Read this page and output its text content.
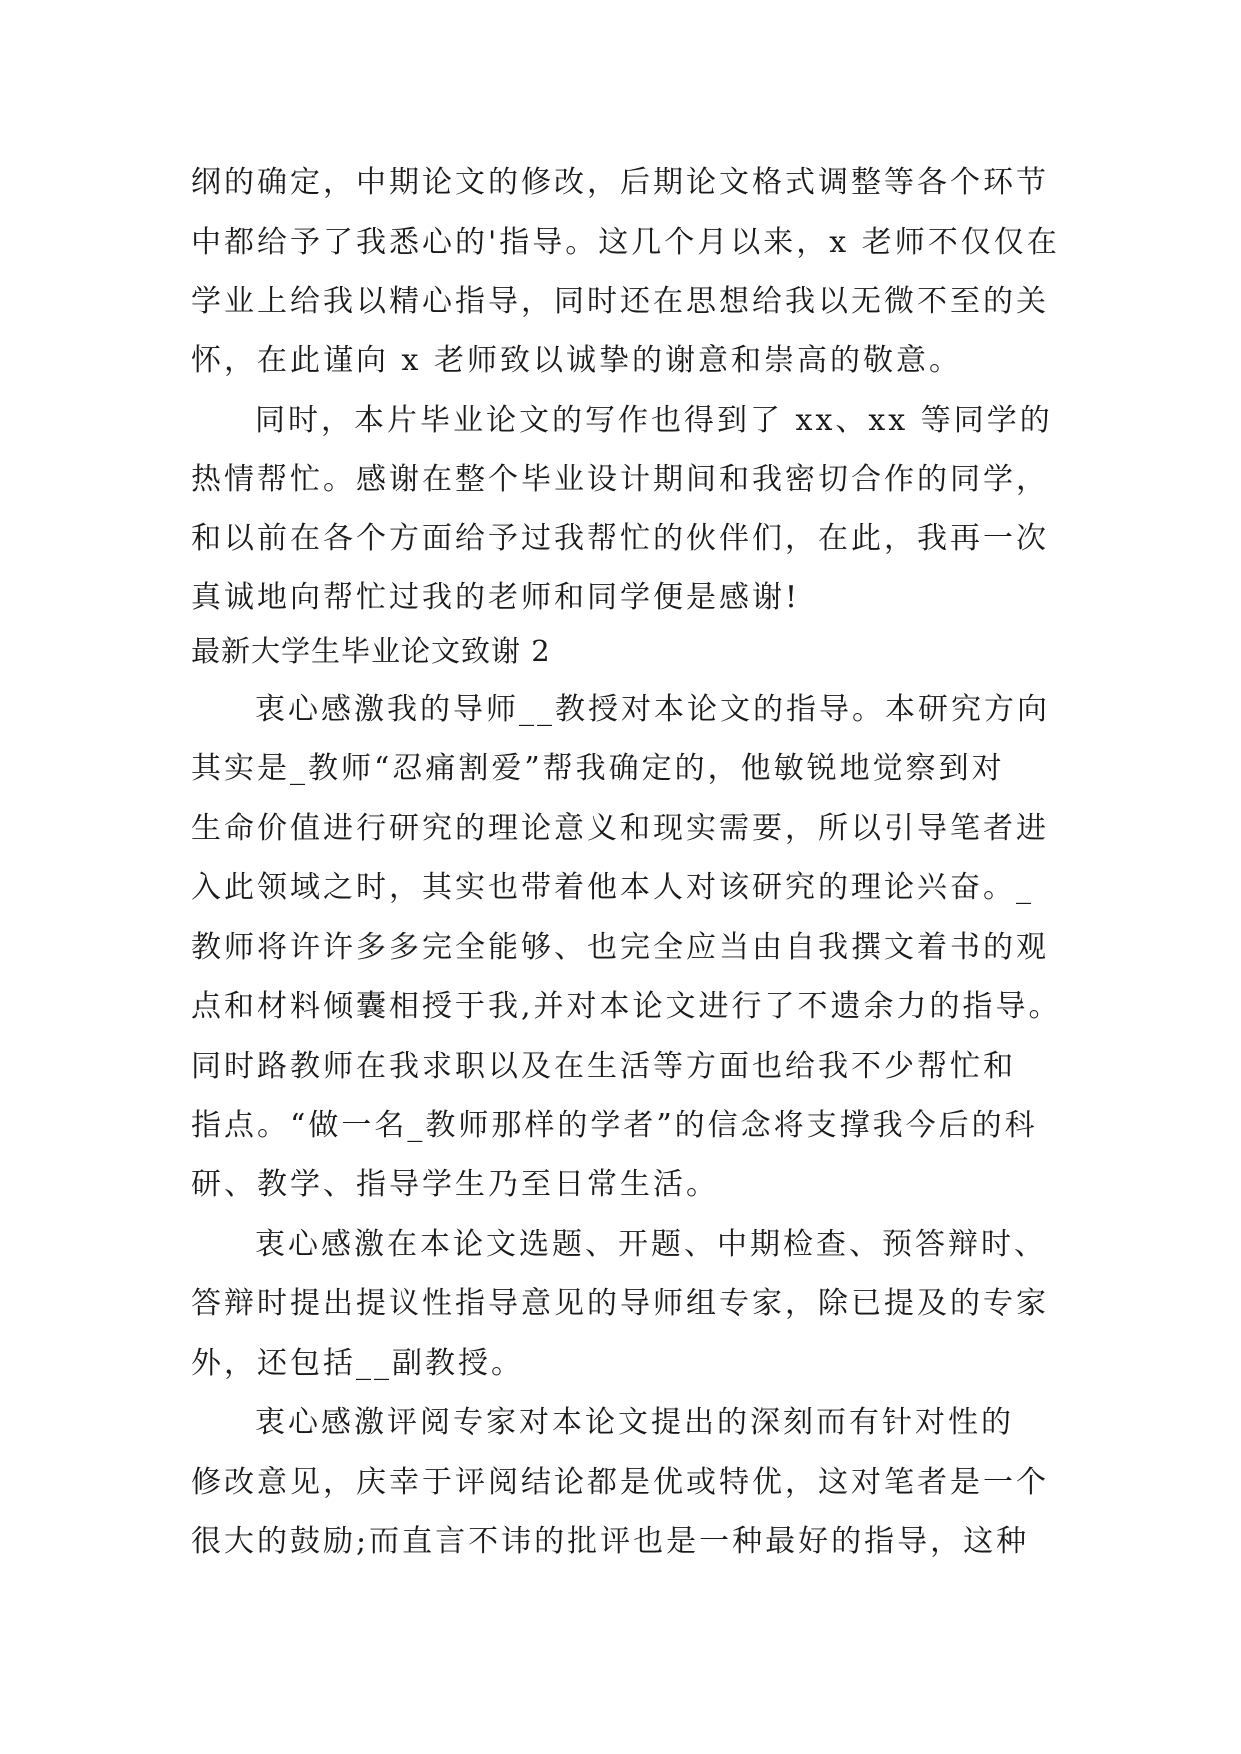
纲的确定，中期论文的修改，后期论文格式调整等各个环节
中都给予了我悉心的'指导。这几个月以来，x 老师不仅仅在
学业上给我以精心指导，同时还在思想给我以无微不至的关
怀，在此谨向 x 老师致以诚挚的谢意和崇高的敬意。
同时，本片毕业论文的写作也得到了 xx、xx 等同学的
热情帮忙。感谢在整个毕业设计期间和我密切合作的同学，
和以前在各个方面给予过我帮忙的伙伴们，在此，我再一次
真诚地向帮忙过我的老师和同学便是感谢!
最新大学生毕业论文致谢 2
衷心感激我的导师__教授对本论文的指导。本研究方向
其实是_教师“忍痛割爱”帮我确定的，他敏锐地觉察到对
生命价值进行研究的理论意义和现实需要，所以引导笔者进
入此领域之时，其实也带着他本人对该研究的理论兴奋。_
教师将许许多多完全能够、也完全应当由自我撰文着书的观
点和材料倾囊相授于我,并对本论文进行了不遗余力的指导。
同时路教师在我求职以及在生活等方面也给我不少帮忙和
指点。“做一名_教师那样的学者”的信念将支撑我今后的科
研、教学、指导学生乃至日常生活。
衷心感激在本论文选题、开题、中期检查、预答辩时、
答辩时提出提议性指导意见的导师组专家，除已提及的专家
外，还包括__副教授。
衷心感激评阅专家对本论文提出的深刻而有针对性的
修改意见，庆幸于评阅结论都是优或特优，这对笔者是一个
很大的鼓励;而直言不讳的批评也是一种最好的指导，这种
